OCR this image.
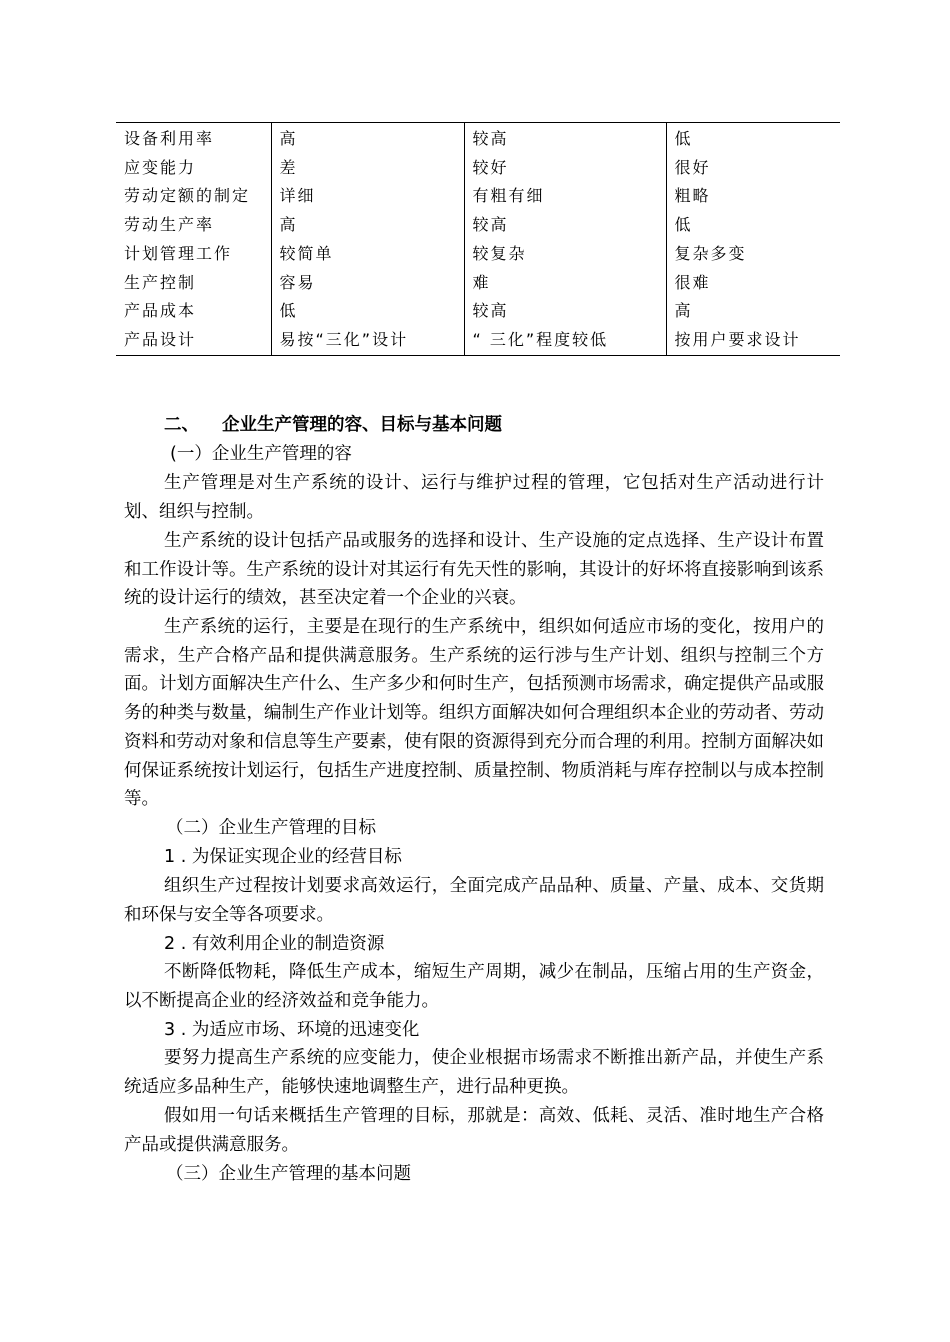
设备利用率	高	较高	低
应变能力	差	较好	很好
劳动定额的制定	详细	有粗有细	粗略
劳动生产率	高	较高	低
计划管理工作	较简单	较复杂	复杂多变
生产控制	容易	难	很难
产品成本	低	较高	高
产品设计	易按“三化”设计	“ 三化”程度较低	按用户要求设计
二、 企业生产管理的容、目标与基本问题
(一）企业生产管理的容
生产管理是对生产系统的设计、运行与维护过程的管理，它包括对生产活动进行计划、组织与控制。
生产系统的设计包括产品或服务的选择和设计、生产设施的定点选择、生产设计布置和工作设计等。生产系统的设计对其运行有先天性的影响，其设计的好坏将直接影响到该系统的设计运行的绩效，甚至决定着一个企业的兴衰。
生产系统的运行，主要是在现行的生产系统中，组织如何适应市场的变化，按用户的需求，生产合格产品和提供满意服务。生产系统的运行涉与生产计划、组织与控制三个方面。计划方面解决生产什么、生产多少和何时生产，包括预测市场需求，确定提供产品或服务的种类与数量，编制生产作业计划等。组织方面解决如何合理组织本企业的劳动者、劳动资料和劳动对象和信息等生产要素，使有限的资源得到充分而合理的利用。控制方面解决如何保证系统按计划运行，包括生产进度控制、质量控制、物质消耗与库存控制以与成本控制等。
（二）企业生产管理的目标
1 . 为保证实现企业的经营目标
组织生产过程按计划要求高效运行，全面完成产品品种、质量、产量、成本、交货期和环保与安全等各项要求。
2 . 有效利用企业的制造资源
不断降低物耗，降低生产成本，缩短生产周期，减少在制品，压缩占用的生产资金，以不断提高企业的经济效益和竞争能力。
3 . 为适应市场、环境的迅速变化
要努力提高生产系统的应变能力，使企业根据市场需求不断推出新产品，并使生产系统适应多品种生产，能够快速地调整生产，进行品种更换。
假如用一句话来概括生产管理的目标，那就是：高效、低耗、灵活、准时地生产合格产品或提供满意服务。
（三）企业生产管理的基本问题
